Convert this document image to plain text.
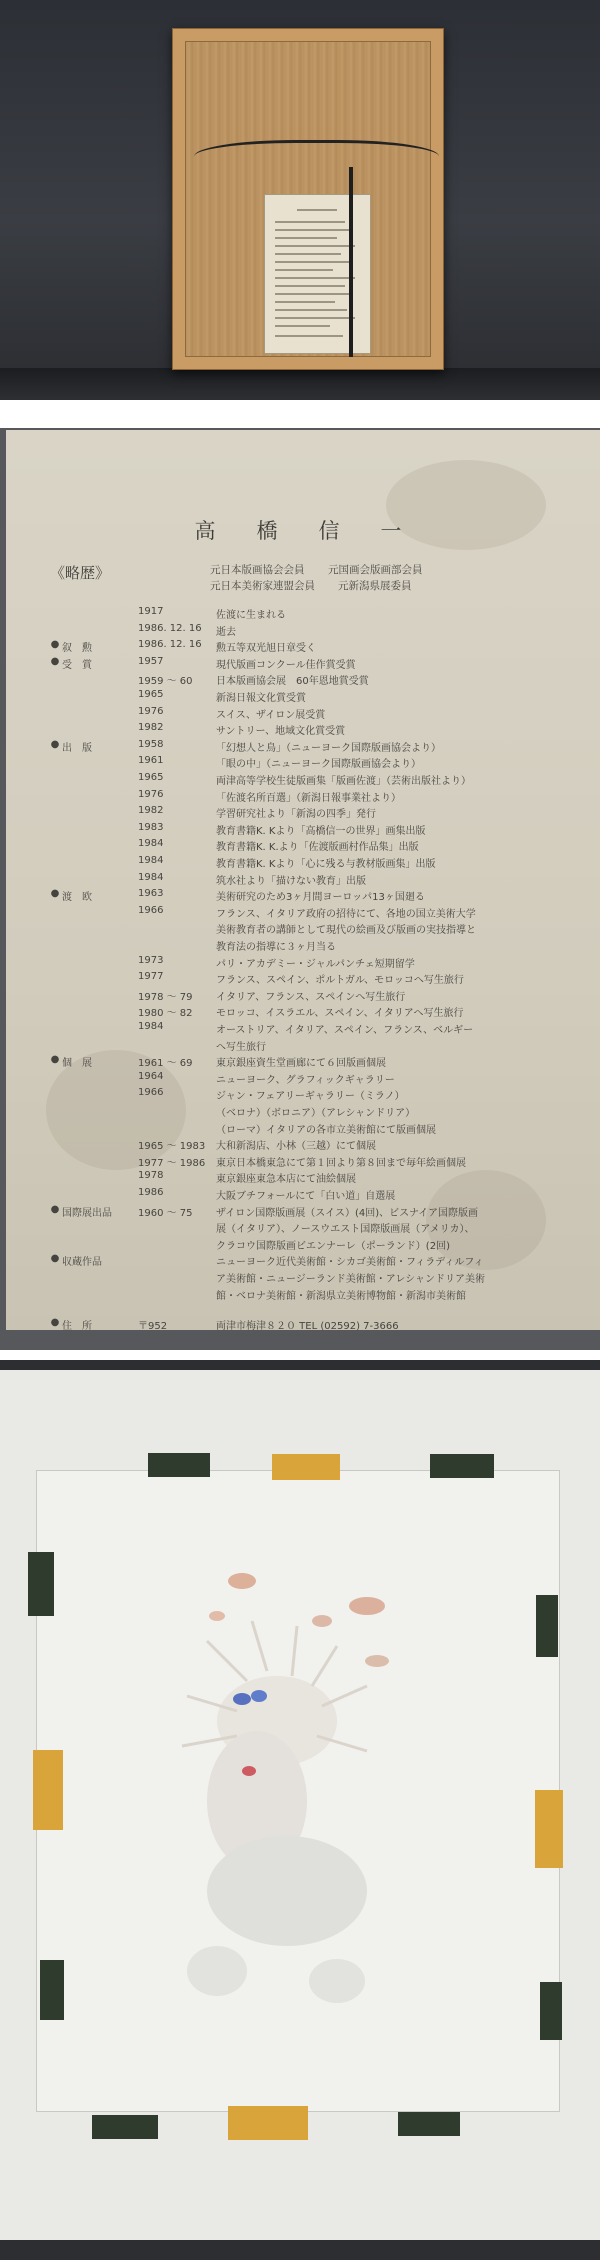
高　橋　信　一
《略歴》	元日本版画協会会員 元国画会版画部会員
元日本美術家連盟会員 元新潟県展委員
1917	佐渡に生まれる
1986. 12. 16	逝去
● 叙　勲	1986. 12. 16	勲五等双光旭日章受く
● 受　賞	1957	現代版画コンクール佳作賞受賞
1959 ～ 60	日本版画協会展　60年恩地賞受賞
1965	新潟日報文化賞受賞
1976	スイス、ザイロン展受賞
1982	サントリー、地域文化賞受賞
● 出　版	1958	「幻想人と鳥」（ニューヨーク国際版画協会より）
1961	「眼の中」（ニューヨーク国際版画協会より）
1965	両津高等学校生徒版画集「版画佐渡」（芸術出版社より）
1976	「佐渡名所百選」（新潟日報事業社より）
1982	学習研究社より「新潟の四季」発行
1983	教育書籍K. Kより「高橋信一の世界」画集出版
1984	教育書籍K. K.より「佐渡版画村作品集」出版
1984	教育書籍K. Kより「心に残る与教材版画集」出版
1984	筑水社より「描けない教育」出版
● 渡　欧	1963	美術研究のため3ヶ月間ヨーロッパ13ヶ国廻る
1966	フランス、イタリア政府の招待にて、各地の国立美術大学
美術教育者の講師として現代の絵画及び版画の実技指導と
教育法の指導に３ヶ月当る
1973	パリ・アカデミー・ジャルパンチェ短期留学
1977	フランス、スペイン、ポルトガル、モロッコへ写生旅行
1978 ～ 79	イタリア、フランス、スペインへ写生旅行
1980 ～ 82	モロッコ、イスラエル、スペイン、イタリアへ写生旅行
1984	オーストリア、イタリア、スペイン、フランス、ベルギー
へ写生旅行
● 個　展	1961 ～ 69	東京銀座資生堂画廊にて６回版画個展
1964	ニューヨーク、グラフィックギャラリー
1966	ジャン・フェアリーギャラリー（ミラノ）
（ベロナ）（ボロニア）（アレシャンドリア）
（ローマ）イタリアの各市立美術館にて版画個展
1965 ～ 1983	大和新潟店、小林（三越）にて個展
1977 ～ 1986	東京日本橋東急にて第１回より第８回まで毎年絵画個展
1978	東京銀座東急本店にて油絵個展
1986	大阪ブチフォールにて「白い道」自選展
● 国際展出品	1960 ～ 75	ザイロン国際版画展（スイス）(4回)、ビスナイア国際版画
展（イタリア）、ノースウエスト国際版画展（アメリカ）、
クラコウ国際版画ビエンナーレ（ポーランド）(2回)
● 収蔵作品	ニューヨーク近代美術館・シカゴ美術館・フィラディルフィ
ア美術館・ニュージーランド美術館・アレシャンドリア美術
館・ベロナ美術館・新潟県立美術博物館・新潟市美術館
● 住　所	〒952	両津市梅津８２０ TEL (02592) 7-3666
